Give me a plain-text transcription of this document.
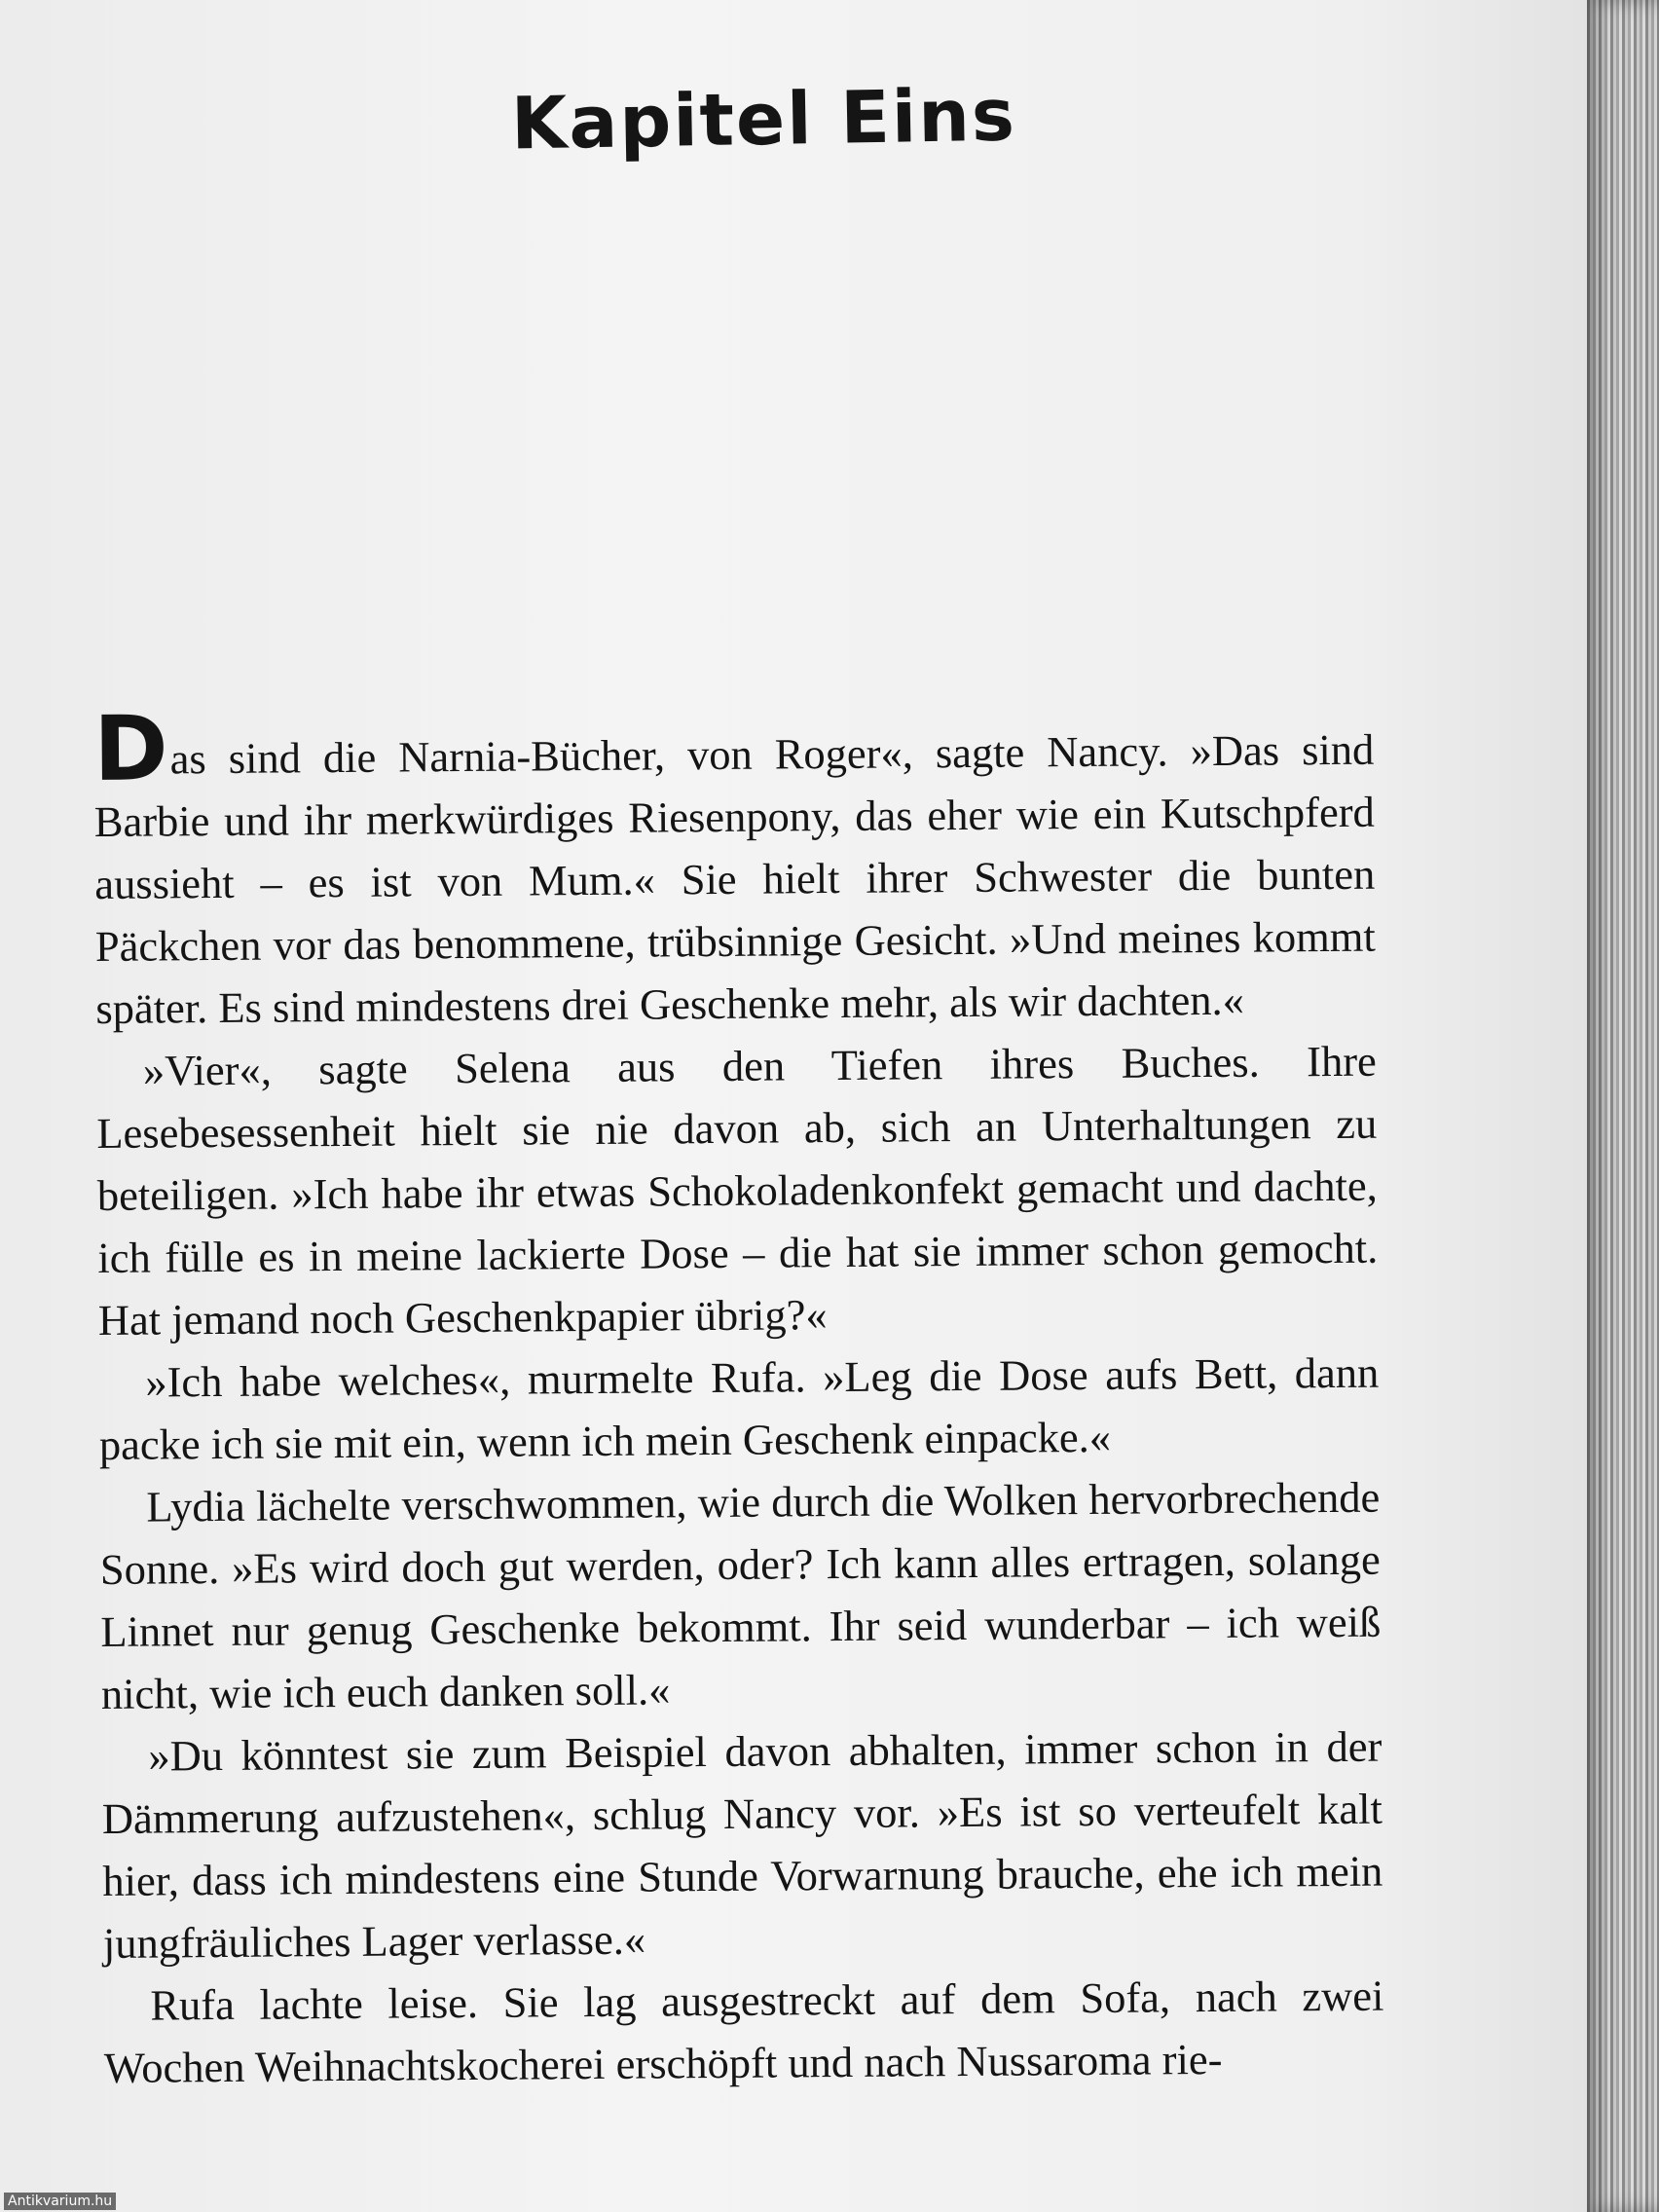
Kapitel Eins

Das sind die Narnia-Bücher, von Roger«, sagte Nancy. »Das sind Barbie und ihr merkwürdiges Riesenpony, das eher wie ein Kutschpferd aussieht – es ist von Mum.« Sie hielt ihrer Schwester die bunten Päckchen vor das benommene, trübsinnige Gesicht. »Und meines kommt später. Es sind mindestens drei Geschenke mehr, als wir dachten.«

»Vier«, sagte Selena aus den Tiefen ihres Buches. Ihre Lesebesessenheit hielt sie nie davon ab, sich an Unterhaltungen zu beteiligen. »Ich habe ihr etwas Schokoladenkonfekt gemacht und dachte, ich fülle es in meine lackierte Dose – die hat sie immer schon gemocht. Hat jemand noch Geschenkpapier übrig?«

»Ich habe welches«, murmelte Rufa. »Leg die Dose aufs Bett, dann packe ich sie mit ein, wenn ich mein Geschenk einpacke.«

Lydia lächelte verschwommen, wie durch die Wolken hervorbrechende Sonne. »Es wird doch gut werden, oder? Ich kann alles ertragen, solange Linnet nur genug Geschenke bekommt. Ihr seid wunderbar – ich weiß nicht, wie ich euch danken soll.«

»Du könntest sie zum Beispiel davon abhalten, immer schon in der Dämmerung aufzustehen«, schlug Nancy vor. »Es ist so verteufelt kalt hier, dass ich mindestens eine Stunde Vorwarnung brauche, ehe ich mein jungfräuliches Lager verlasse.«

Rufa lachte leise. Sie lag ausgestreckt auf dem Sofa, nach zwei Wochen Weihnachtskocherei erschöpft und nach Nussaroma rie-

Antikvarium.hu
